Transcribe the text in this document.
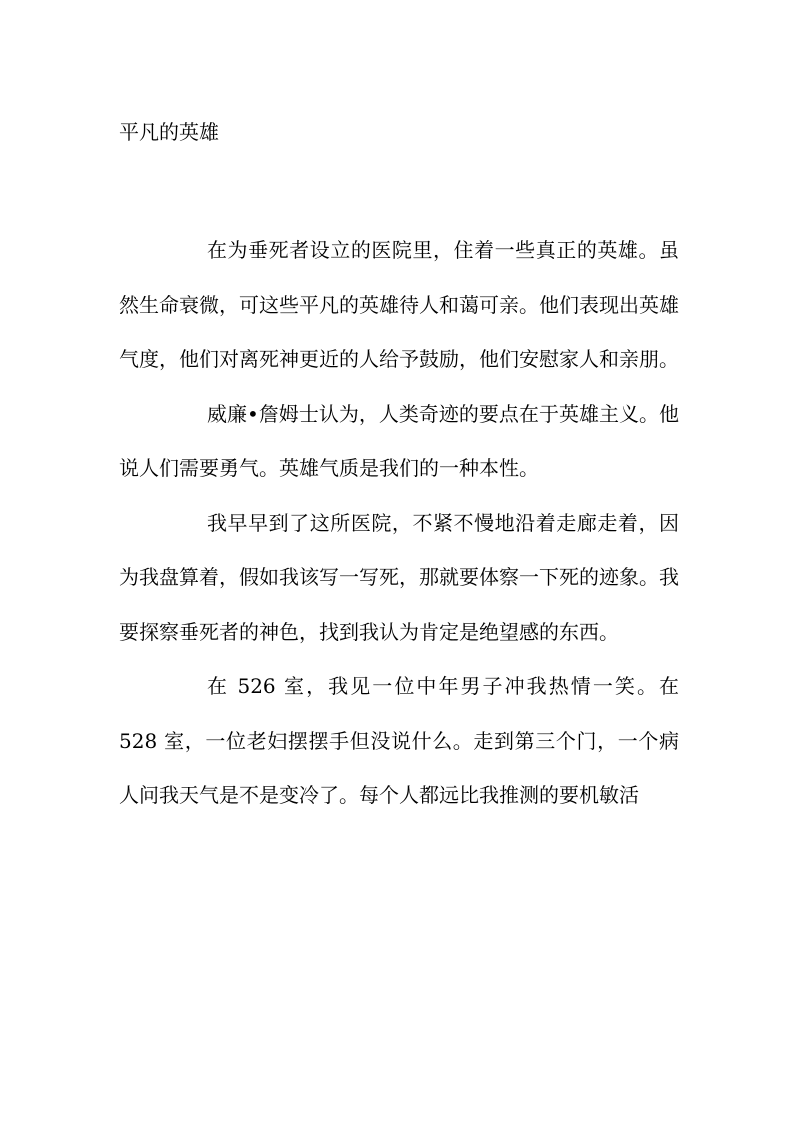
平凡的英雄

在为垂死者设立的医院里，住着一些真正的英雄。虽然生命衰微，可这些平凡的英雄待人和蔼可亲。他们表现出英雄气度，他们对离死神更近的人给予鼓励，他们安慰家人和亲朋。

威廉•詹姆士认为，人类奇迹的要点在于英雄主义。他说人们需要勇气。英雄气质是我们的一种本性。

我早早到了这所医院，不紧不慢地沿着走廊走着，因为我盘算着，假如我该写一写死，那就要体察一下死的迹象。我要探察垂死者的神色，找到我认为肯定是绝望感的东西。

在 526 室，我见一位中年男子冲我热情一笑。在 528 室，一位老妇摆摆手但没说什么。走到第三个门，一个病人问我天气是不是变冷了。每个人都远比我推测的要机敏活
